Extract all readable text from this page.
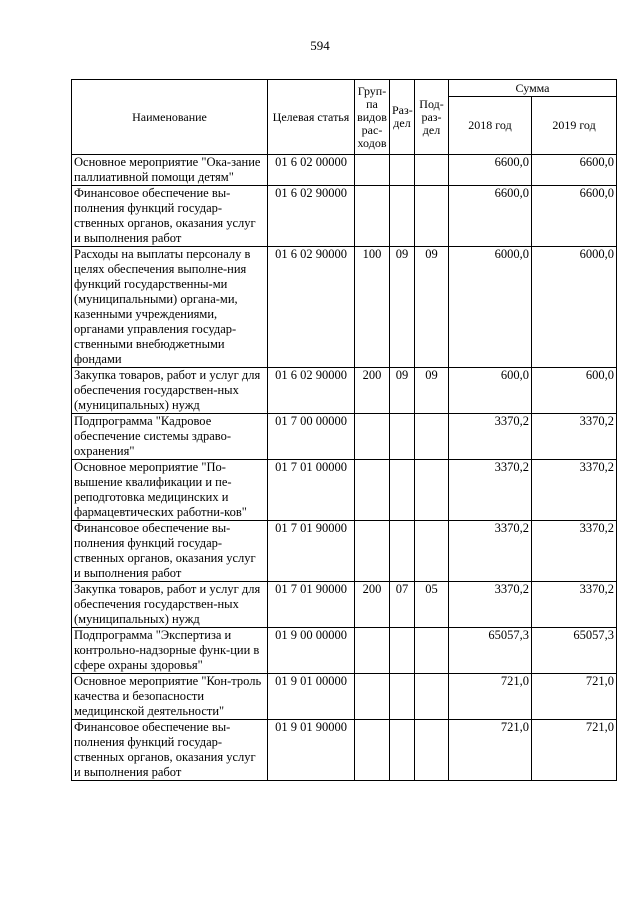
594
Наименование	Целевая статья	Груп-па видов рас-ходов	Раз-дел	Под-раз-дел	Сумма	
					2018 год	2019 год
Основное мероприятие "Ока-зание паллиативной помощи детям"	01 6 02 00000				6600,0	6600,0
Финансовое обеспечение вы-полнения функций государ-ственных органов, оказания услуг и выполнения работ	01 6 02 90000				6600,0	6600,0
Расходы на выплаты персоналу в целях обеспечения выполне-ния функций государственны-ми (муниципальными) органа-ми, казенными учреждениями, органами управления государ-ственными внебюджетными фондами	01 6 02 90000	100	09	09	6000,0	6000,0
Закупка товаров, работ и услуг для обеспечения государствен-ных (муниципальных) нужд	01 6 02 90000	200	09	09	600,0	600,0
Подпрограмма "Кадровое обеспечение системы здраво-охранения"	01 7 00 00000				3370,2	3370,2
Основное мероприятие "По-вышение квалификации и пе-реподготовка медицинских и фармацевтических работни-ков"	01 7 01 00000				3370,2	3370,2
Финансовое обеспечение вы-полнения функций государ-ственных органов, оказания услуг и выполнения работ	01 7 01 90000				3370,2	3370,2
Закупка товаров, работ и услуг для обеспечения государствен-ных (муниципальных) нужд	01 7 01 90000	200	07	05	3370,2	3370,2
Подпрограмма "Экспертиза и контрольно-надзорные функ-ции в сфере охраны здоровья"	01 9 00 00000				65057,3	65057,3
Основное мероприятие "Кон-троль качества и безопасности медицинской деятельности"	01 9 01 00000				721,0	721,0
Финансовое обеспечение вы-полнения функций государ-ственных органов, оказания услуг и выполнения работ	01 9 01 90000				721,0	721,0
